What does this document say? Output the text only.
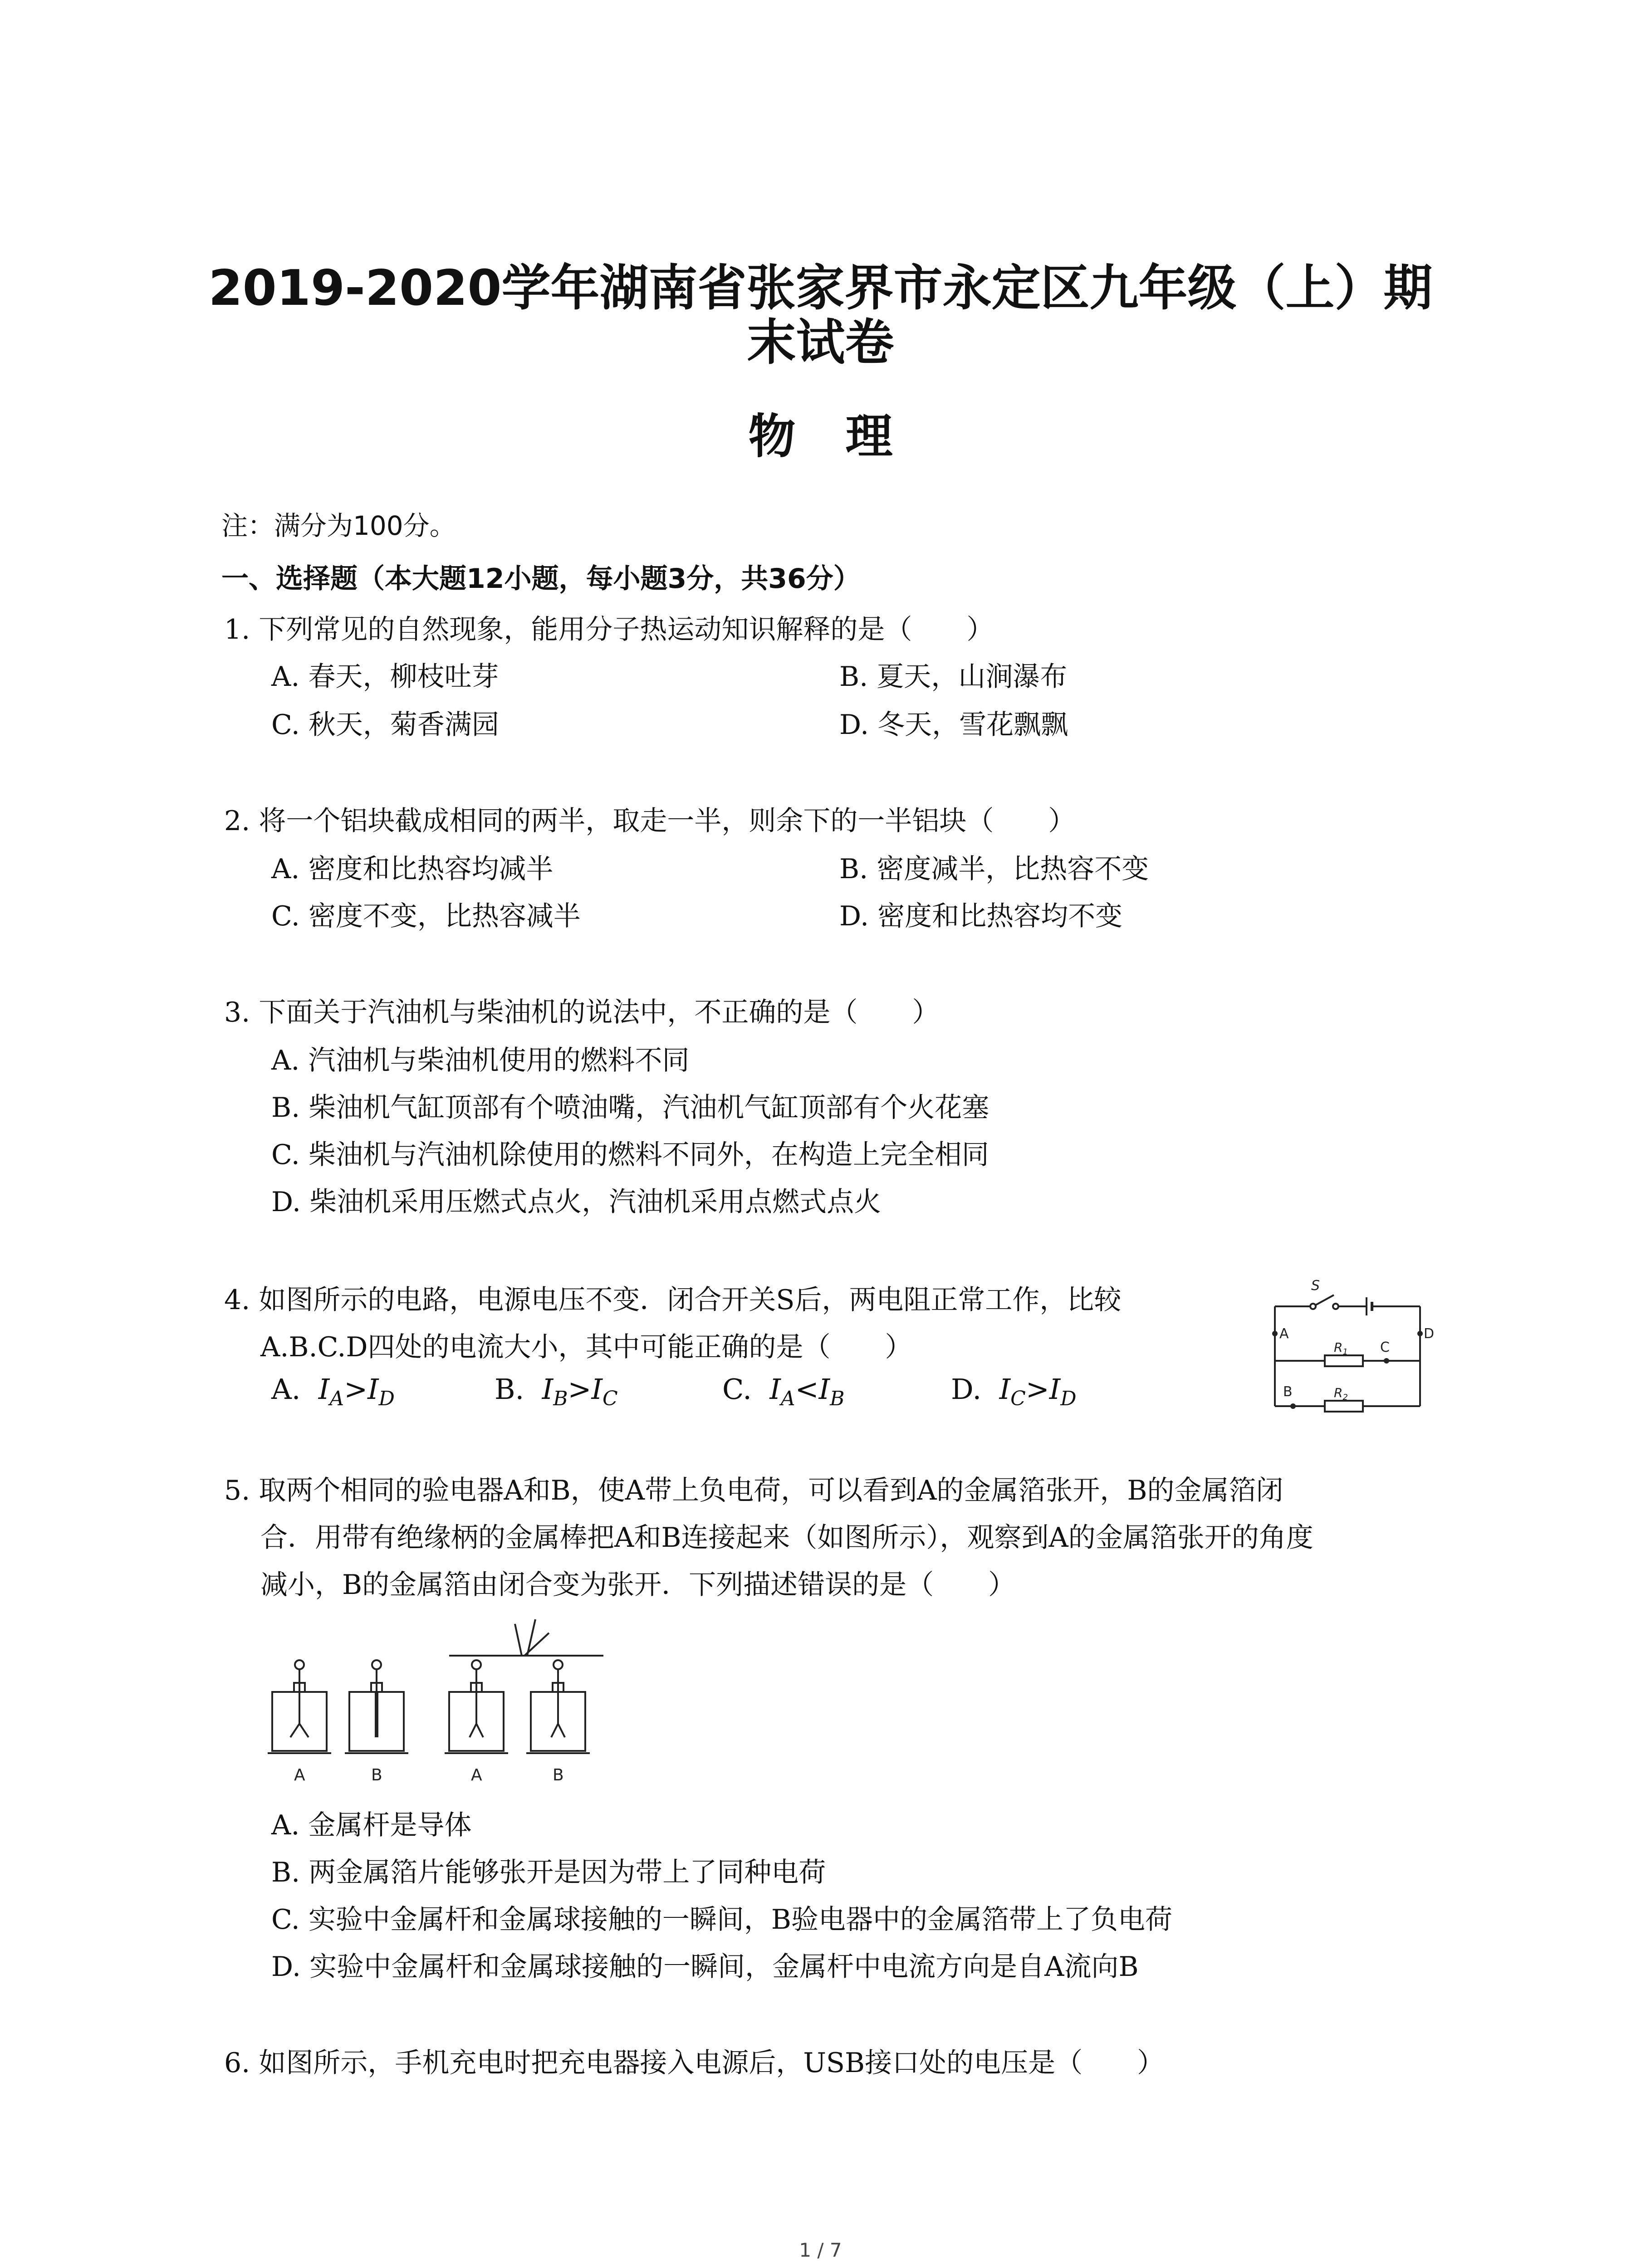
2019-2020学年湖南省张家界市永定区九年级（上）期
末试卷
物理
注：满分为100分。
一、选择题（本大题12小题，每小题3分，共36分）
1. 下列常见的自然现象，能用分子热运动知识解释的是（　　）
A. 春天，柳枝吐芽	B. 夏天，山涧瀑布
C. 秋天，菊香满园	D. 冬天，雪花飘飘
2. 将一个铝块截成相同的两半，取走一半，则余下的一半铝块（　　）
A. 密度和比热容均减半	B. 密度减半，比热容不变
C. 密度不变，比热容减半	D. 密度和比热容均不变
3. 下面关于汽油机与柴油机的说法中，不正确的是（　　）
A. 汽油机与柴油机使用的燃料不同
B. 柴油机气缸顶部有个喷油嘴，汽油机气缸顶部有个火花塞
C. 柴油机与汽油机除使用的燃料不同外，在构造上完全相同
D. 柴油机采用压燃式点火，汽油机采用点燃式点火
4. 如图所示的电路，电源电压不变．闭合开关S后，两电阻正常工作，比较
A.B.C.D四处的电流大小，其中可能正确的是（　　）
A. $I_A>I_D$	B. $I_B>I_C$	C. $I_A<I_B$	D. $I_C>I_D$
S
A	D
C
B
$R_1$
$R_2$
5. 取两个相同的验电器A和B，使A带上负电荷，可以看到A的金属箔张开，B的金属箔闭
合．用带有绝缘柄的金属棒把A和B连接起来（如图所示），观察到A的金属箔张开的角度
减小，B的金属箔由闭合变为张开．下列描述错误的是（　　）
A	B	A	B
A. 金属杆是导体
B. 两金属箔片能够张开是因为带上了同种电荷
C. 实验中金属杆和金属球接触的一瞬间，B验电器中的金属箔带上了负电荷
D. 实验中金属杆和金属球接触的一瞬间，金属杆中电流方向是自A流向B
6. 如图所示，手机充电时把充电器接入电源后，USB接口处的电压是（　　）
1 / 7
